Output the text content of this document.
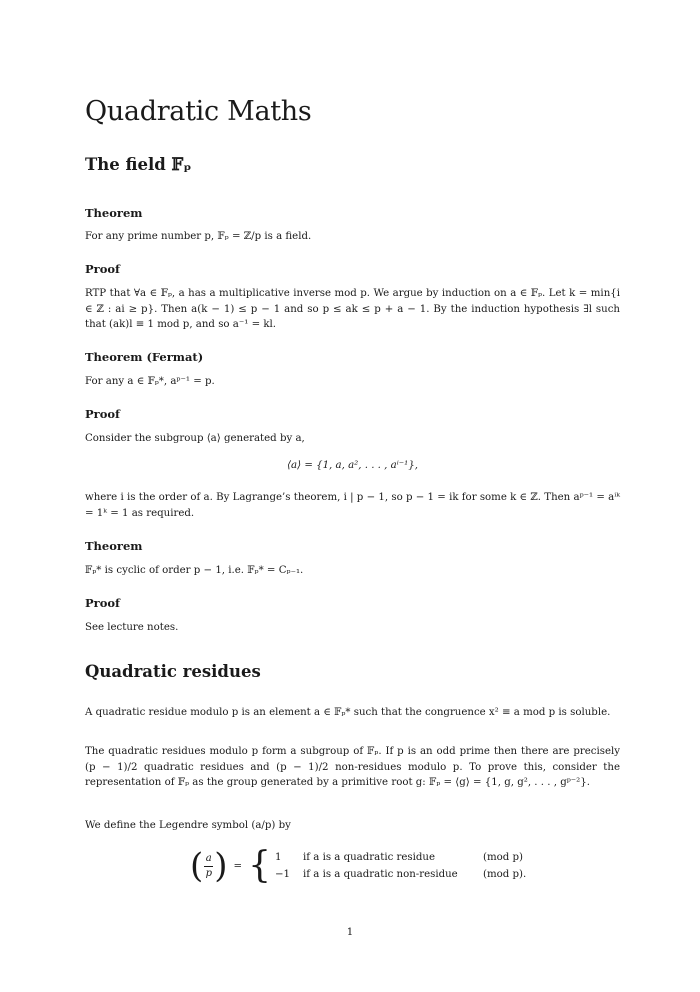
Quadratic Maths
The field 𝔽ₚ
Theorem

For any prime number p, 𝔽ₚ = ℤ/p is a field.

Proof

RTP that ∀a ∈ 𝔽ₚ, a has a multiplicative inverse mod p. We argue by induction on a ∈ 𝔽ₚ. Let k = min{i ∈ ℤ : ai ≥ p}. Then a(k − 1) ≤ p − 1 and so p ≤ ak ≤ p + a − 1. By the induction hypothesis ∃l such that (ak)l ≡ 1 mod p, and so a⁻¹ = kl.

Theorem (Fermat)

For any a ∈ 𝔽ₚ*, aᵖ⁻¹ = p.

Proof

Consider the subgroup ⟨a⟩ generated by a,

⟨a⟩ = {1, a, a², . . . , aⁱ⁻¹},

where i is the order of a. By Lagrange’s theorem, i | p − 1, so p − 1 = ik for some k ∈ ℤ. Then aᵖ⁻¹ = aⁱᵏ = 1ᵏ = 1 as required.

Theorem

𝔽ₚ* is cyclic of order p − 1, i.e. 𝔽ₚ* = Cₚ₋₁.

Proof

See lecture notes.

Quadratic residues

A quadratic residue modulo p is an element a ∈ 𝔽ₚ* such that the congruence x² ≡ a mod p is soluble.

The quadratic residues modulo p form a subgroup of 𝔽ₚ. If p is an odd prime then there are precisely (p − 1)/2 quadratic residues and (p − 1)/2 non-residues modulo p. To prove this, consider the representation of 𝔽ₚ as the group generated by a primitive root g: 𝔽ₚ = ⟨g⟩ = {1, g, g², . . . , gᵖ⁻²}.

We define the Legendre symbol (a/p) by

( a
p ) = { 1	if a is a quadratic residue	(mod p)
−1	if a is a quadratic non-residue	(mod p).

1
